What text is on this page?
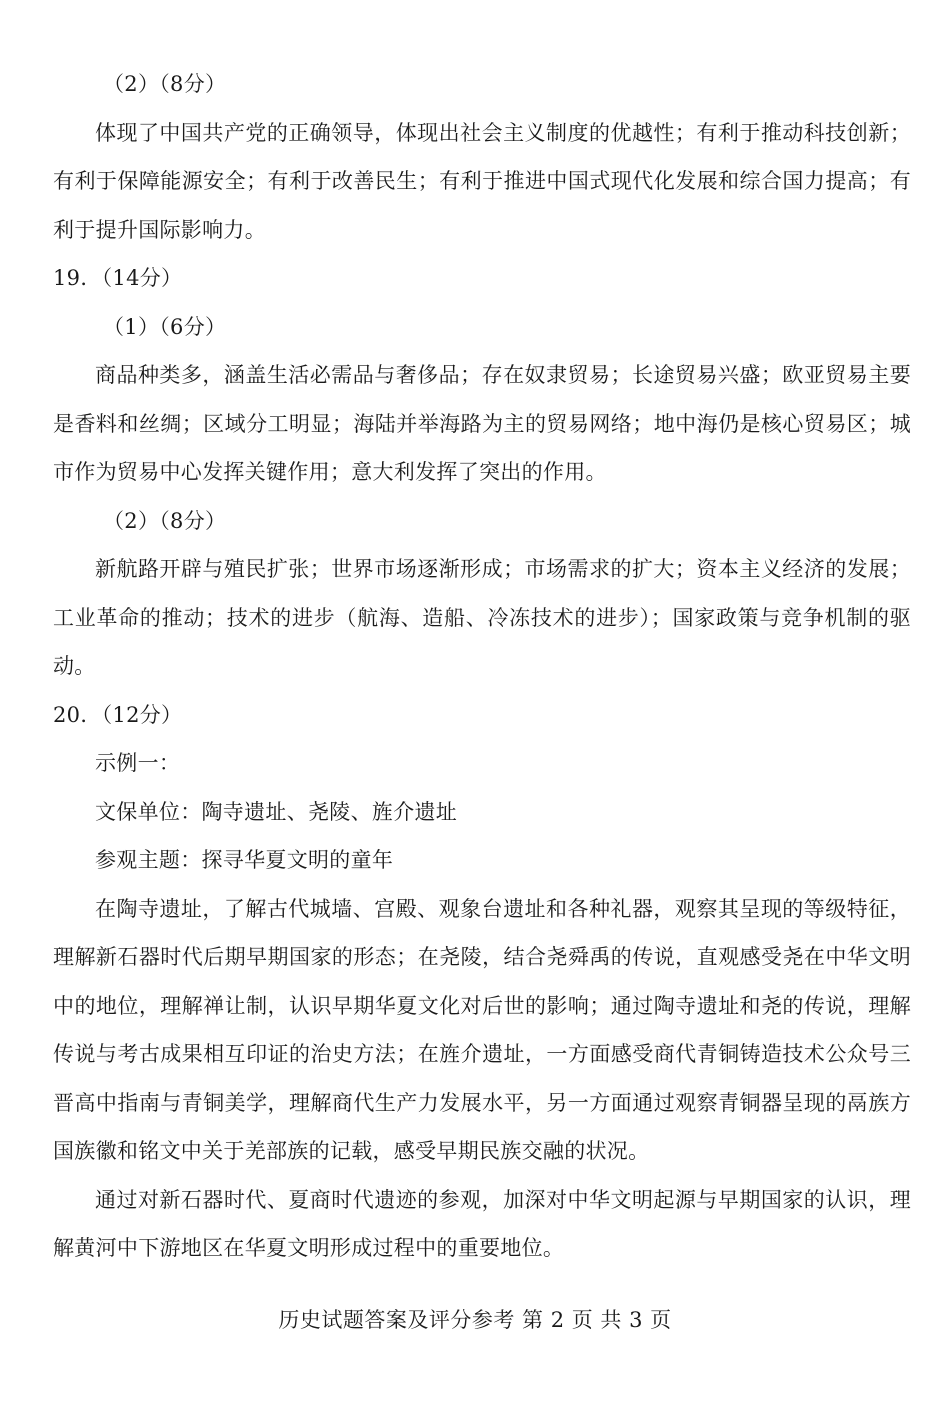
（2）（8分）

体现了中国共产党的正确领导，体现出社会主义制度的优越性；有利于推动科技创新；有利于保障能源安全；有利于改善民生；有利于推进中国式现代化发展和综合国力提高；有利于提升国际影响力。

19．（14分）

（1）（6分）

商品种类多，涵盖生活必需品与奢侈品；存在奴隶贸易；长途贸易兴盛；欧亚贸易主要是香料和丝绸；区域分工明显；海陆并举海路为主的贸易网络；地中海仍是核心贸易区；城市作为贸易中心发挥关键作用；意大利发挥了突出的作用。

（2）（8分）

新航路开辟与殖民扩张；世界市场逐渐形成；市场需求的扩大；资本主义经济的发展；工业革命的推动；技术的进步（航海、造船、冷冻技术的进步）；国家政策与竞争机制的驱动。

20．（12分）

示例一：

文保单位：陶寺遗址、尧陵、旌介遗址

参观主题：探寻华夏文明的童年

在陶寺遗址，了解古代城墙、宫殿、观象台遗址和各种礼器，观察其呈现的等级特征，理解新石器时代后期早期国家的形态；在尧陵，结合尧舜禹的传说，直观感受尧在中华文明中的地位，理解禅让制，认识早期华夏文化对后世的影响；通过陶寺遗址和尧的传说，理解传说与考古成果相互印证的治史方法；在旌介遗址，一方面感受商代青铜铸造技术公众号三晋高中指南与青铜美学，理解商代生产力发展水平，另一方面通过观察青铜器呈现的鬲族方国族徽和铭文中关于羌部族的记载，感受早期民族交融的状况。

通过对新石器时代、夏商时代遗迹的参观，加深对中华文明起源与早期国家的认识，理解黄河中下游地区在华夏文明形成过程中的重要地位。

历史试题答案及评分参考 第 2 页 共 3 页
